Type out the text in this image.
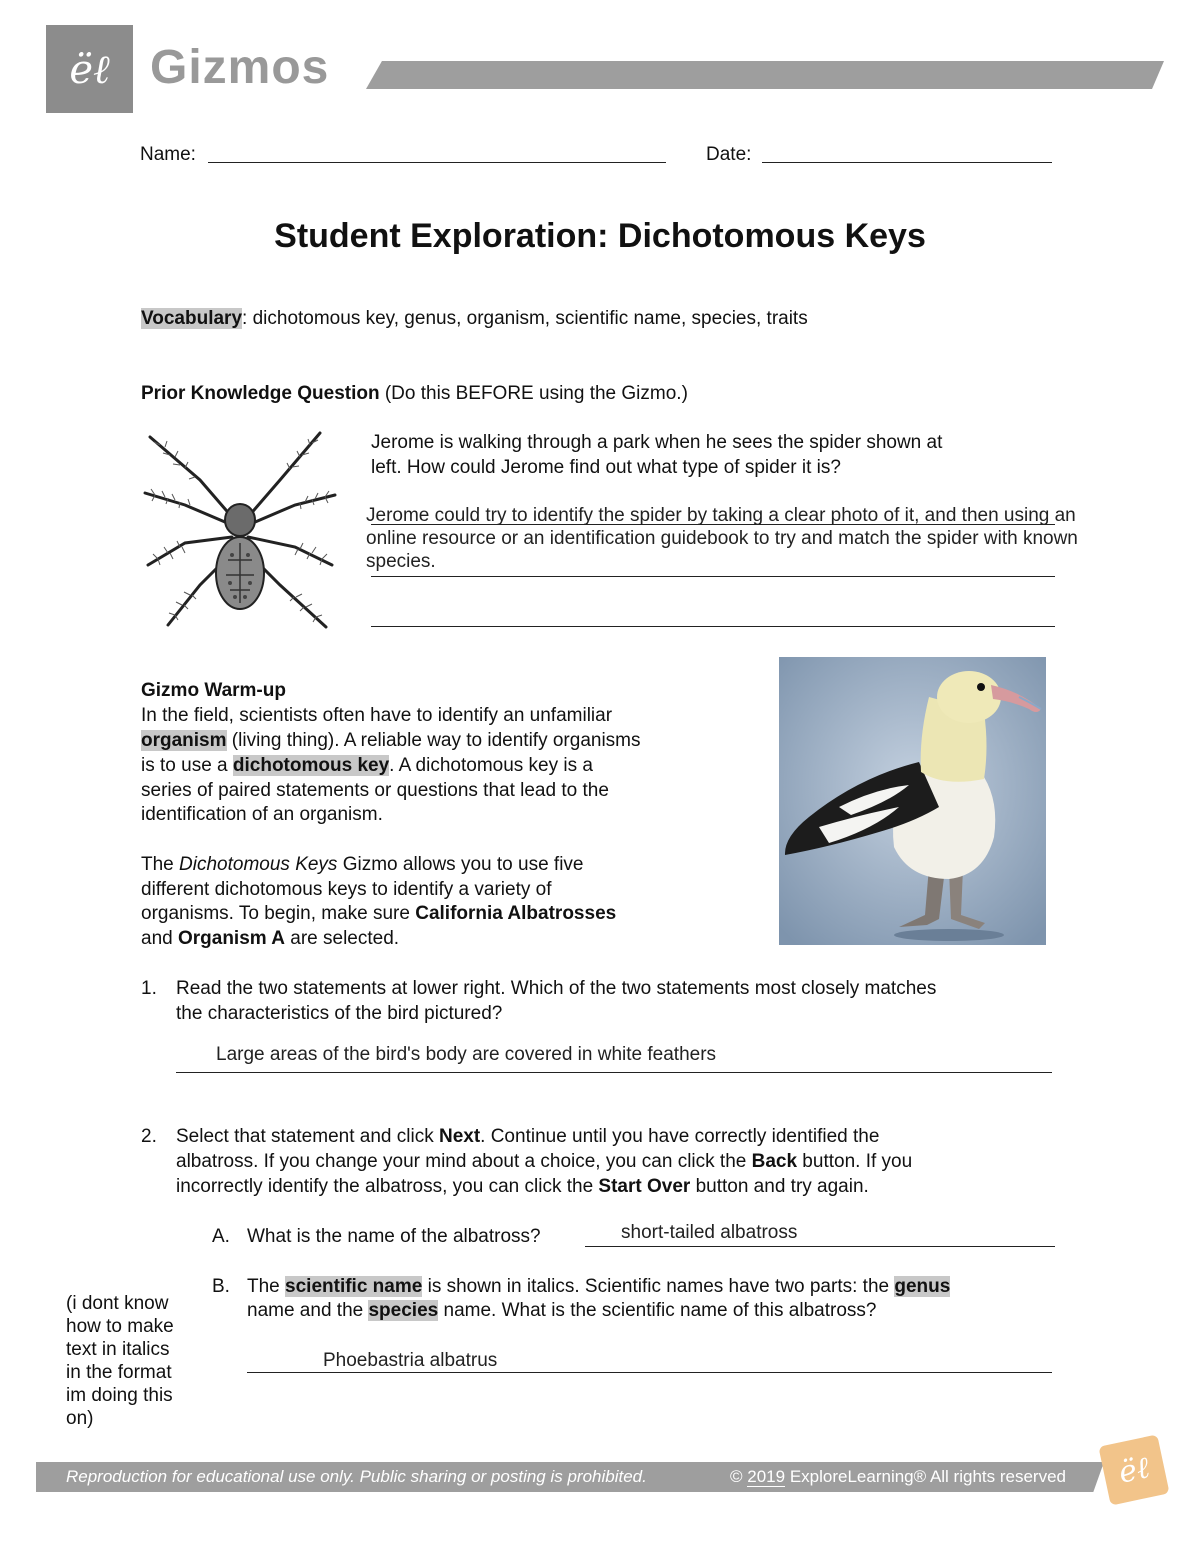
ëℓ Gizmos
Name:	Date:
Student Exploration: Dichotomous Keys
Vocabulary: dichotomous key, genus, organism, scientific name, species, traits
Prior Knowledge Question (Do this BEFORE using the Gizmo.)
Jerome is walking through a park when he sees the spider shown at
left. How could Jerome find out what type of spider it is?
Jerome could try to identify the spider by taking a clear photo of it, and then using an
online resource or an identification guidebook to try and match the spider with known
species.
Gizmo Warm-up
In the field, scientists often have to identify an unfamiliar
organism (living thing). A reliable way to identify organisms
is to use a dichotomous key. A dichotomous key is a
series of paired statements or questions that lead to the
identification of an organism.
The Dichotomous Keys Gizmo allows you to use five
different dichotomous keys to identify a variety of
organisms. To begin, make sure California Albatrosses
and Organism A are selected.
1. Read the two statements at lower right. Which of the two statements most closely matches
the characteristics of the bird pictured?
Large areas of the bird's body are covered in white feathers
2. Select that statement and click Next. Continue until you have correctly identified the
albatross. If you change your mind about a choice, you can click the Back button. If you
incorrectly identify the albatross, you can click the Start Over button and try again.
A. What is the name of the albatross?	short-tailed albatross
B. The scientific name is shown in italics. Scientific names have two parts: the genus
name and the species name. What is the scientific name of this albatross?
Phoebastria albatrus
(i dont know how to make text in italics in the format im doing this on)
Reproduction for educational use only. Public sharing or posting is prohibited.	© 2019 ExploreLearning® All rights reserved ëℓ
